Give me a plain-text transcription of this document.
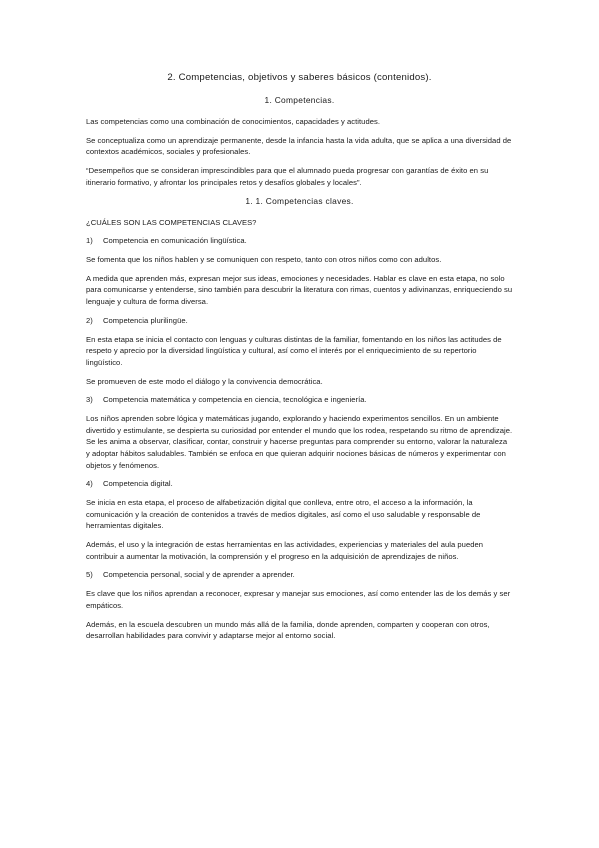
2. Competencias, objetivos y saberes básicos (contenidos).
1. Competencias.
Las competencias como una combinación de conocimientos, capacidades y actitudes.
Se conceptualiza como un aprendizaje permanente, desde la infancia hasta la vida adulta, que se aplica a una diversidad de contextos académicos, sociales y profesionales.
“Desempeños que se consideran imprescindibles para que el alumnado pueda progresar con garantías de éxito en su itinerario formativo, y afrontar los principales retos y desafíos globales y locales”.
1. 1. Competencias claves.
¿CUÁLES SON LAS COMPETENCIAS CLAVES?
1) Competencia en comunicación lingüística.
Se fomenta que los niños hablen y se comuniquen con respeto, tanto con otros niños como con adultos.
A medida que aprenden más, expresan mejor sus ideas, emociones y necesidades. Hablar es clave en esta etapa, no solo para comunicarse y entenderse, sino también para descubrir la literatura con rimas, cuentos y adivinanzas, enriqueciendo su lenguaje y cultura de forma diversa.
2) Competencia plurilingüe.
En esta etapa se inicia el contacto con lenguas y culturas distintas de la familiar, fomentando en los niños las actitudes de respeto y aprecio por la diversidad lingüística y cultural, así como el interés por el enriquecimiento de su repertorio lingüístico.
Se promueven de este modo el diálogo y la convivencia democrática.
3) Competencia matemática y competencia en ciencia, tecnológica e ingeniería.
Los niños aprenden sobre lógica y matemáticas jugando, explorando y haciendo experimentos sencillos. En un ambiente divertido y estimulante, se despierta su curiosidad por entender el mundo que los rodea, respetando su ritmo de aprendizaje. Se les anima a observar, clasificar, contar, construir y hacerse preguntas para comprender su entorno, valorar la naturaleza y adoptar hábitos saludables. También se enfoca en que quieran adquirir nociones básicas de números y experimentar con objetos y fenómenos.
4) Competencia digital.
Se inicia en esta etapa, el proceso de alfabetización digital que conlleva, entre otro, el acceso a la información, la comunicación y la creación de contenidos a través de medios digitales, así como el uso saludable y responsable de herramientas digitales.
Además, el uso y la integración de estas herramientas en las actividades, experiencias y materiales del aula pueden contribuir a aumentar la motivación, la comprensión y el progreso en la adquisición de aprendizajes de niños.
5) Competencia personal, social y de aprender a aprender.
Es clave que los niños aprendan a reconocer, expresar y manejar sus emociones, así como entender las de los demás y ser empáticos.
Además, en la escuela descubren un mundo más allá de la familia, donde aprenden, comparten y cooperan con otros, desarrollan habilidades para convivir y adaptarse mejor al entorno social.
